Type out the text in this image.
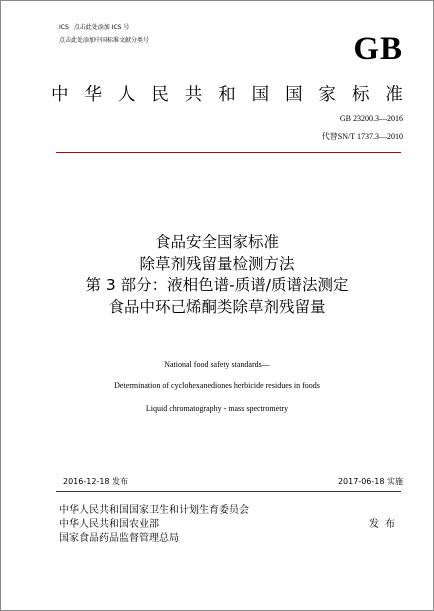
ICS 点击此处添加 ICS 号
点击此处添加中国标准文献分类号	GB
中 华 人 民 共 和 国 国 家 标 准
GB 23200.3—2016
代替SN/T 1737.3—2010
食品安全国家标准
除草剂残留量检测方法
第 3 部分：液相色谱-质谱/质谱法测定
食品中环己烯酮类除草剂残留量
National food safety standards—
Determination of cyclohexanediones herbicide residues in foods
Liquid chromatography - mass spectrometry
2016-12-18 发布	2017-06-18 实施
中华人民共和国国家卫生和计划生育委员会
中华人民共和国农业部
国家食品药品监督管理总局
发布
